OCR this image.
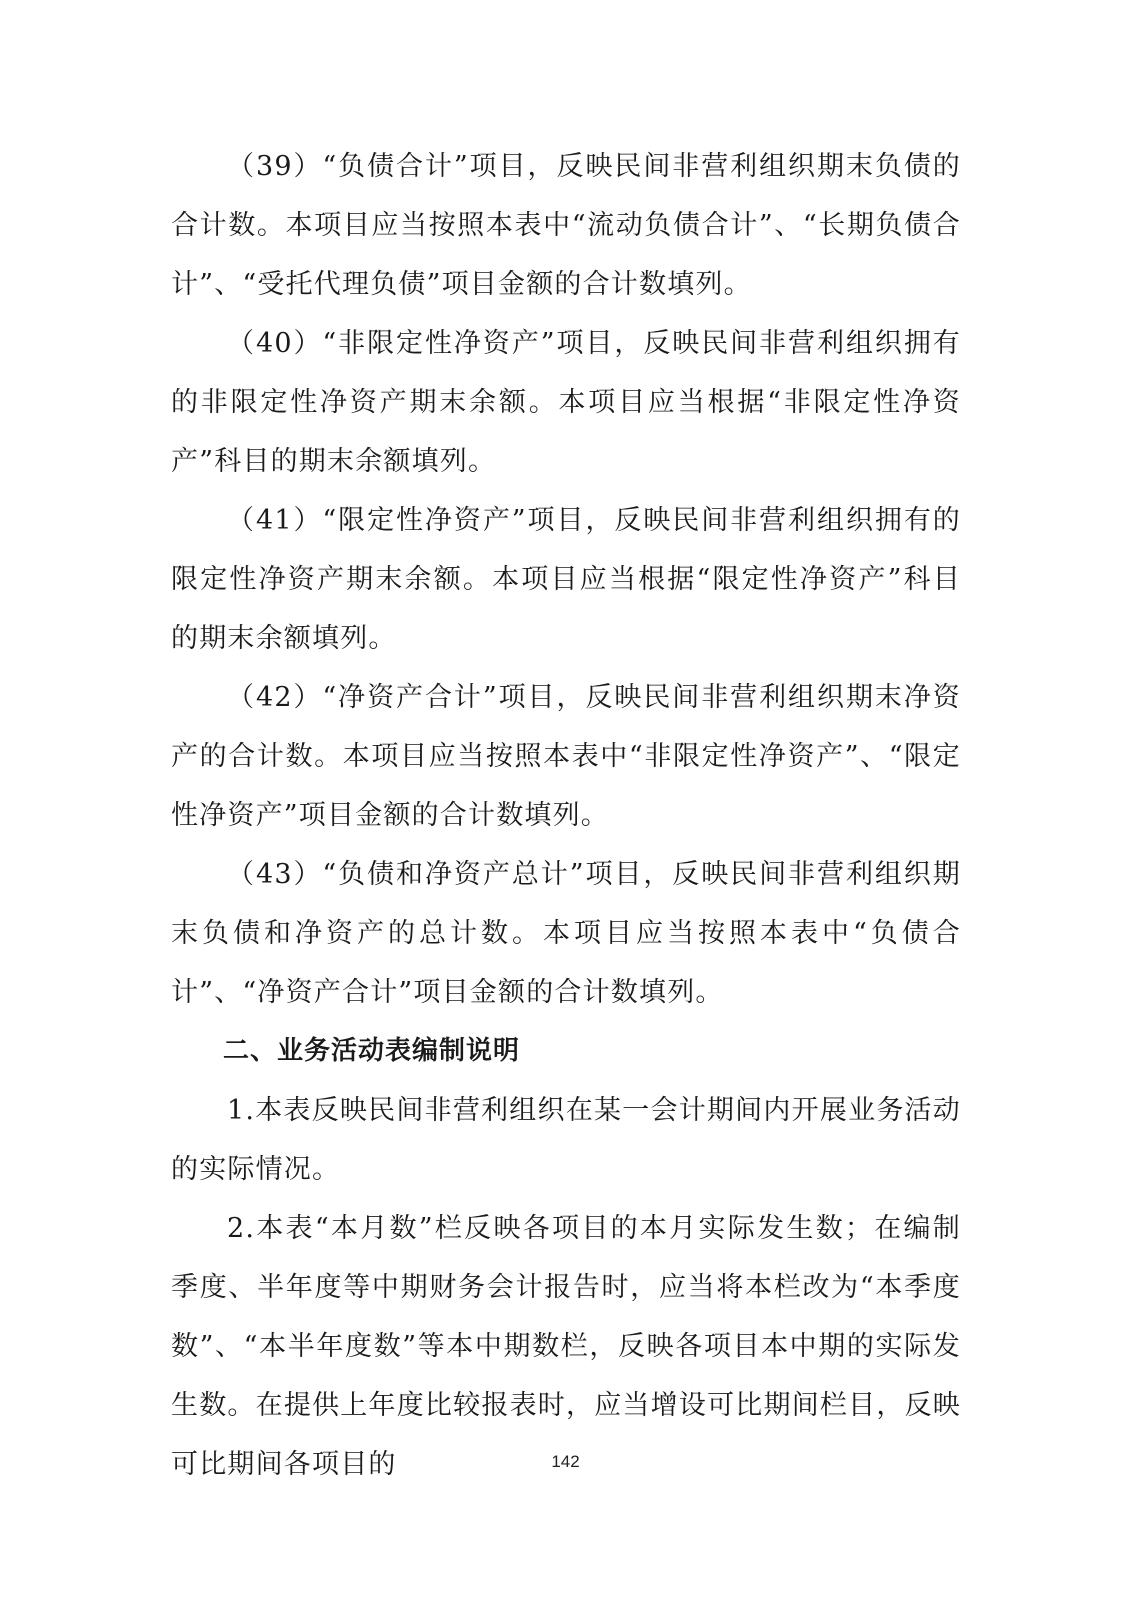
（39）“负债合计”项目，反映民间非营利组织期末负债的合计数。本项目应当按照本表中“流动负债合计”、“长期负债合计”、“受托代理负债”项目金额的合计数填列。

（40）“非限定性净资产”项目，反映民间非营利组织拥有的非限定性净资产期末余额。本项目应当根据“非限定性净资产”科目的期末余额填列。

（41）“限定性净资产”项目，反映民间非营利组织拥有的限定性净资产期末余额。本项目应当根据“限定性净资产”科目的期末余额填列。

（42）“净资产合计”项目，反映民间非营利组织期末净资产的合计数。本项目应当按照本表中“非限定性净资产”、“限定性净资产”项目金额的合计数填列。

（43）“负债和净资产总计”项目，反映民间非营利组织期末负债和净资产的总计数。本项目应当按照本表中“负债合计”、“净资产合计”项目金额的合计数填列。

二、业务活动表编制说明

1.本表反映民间非营利组织在某一会计期间内开展业务活动的实际情况。

2.本表“本月数”栏反映各项目的本月实际发生数；在编制季度、半年度等中期财务会计报告时，应当将本栏改为“本季度数”、“本半年度数”等本中期数栏，反映各项目本中期的实际发生数。在提供上年度比较报表时，应当增设可比期间栏目，反映可比期间各项目的	142
